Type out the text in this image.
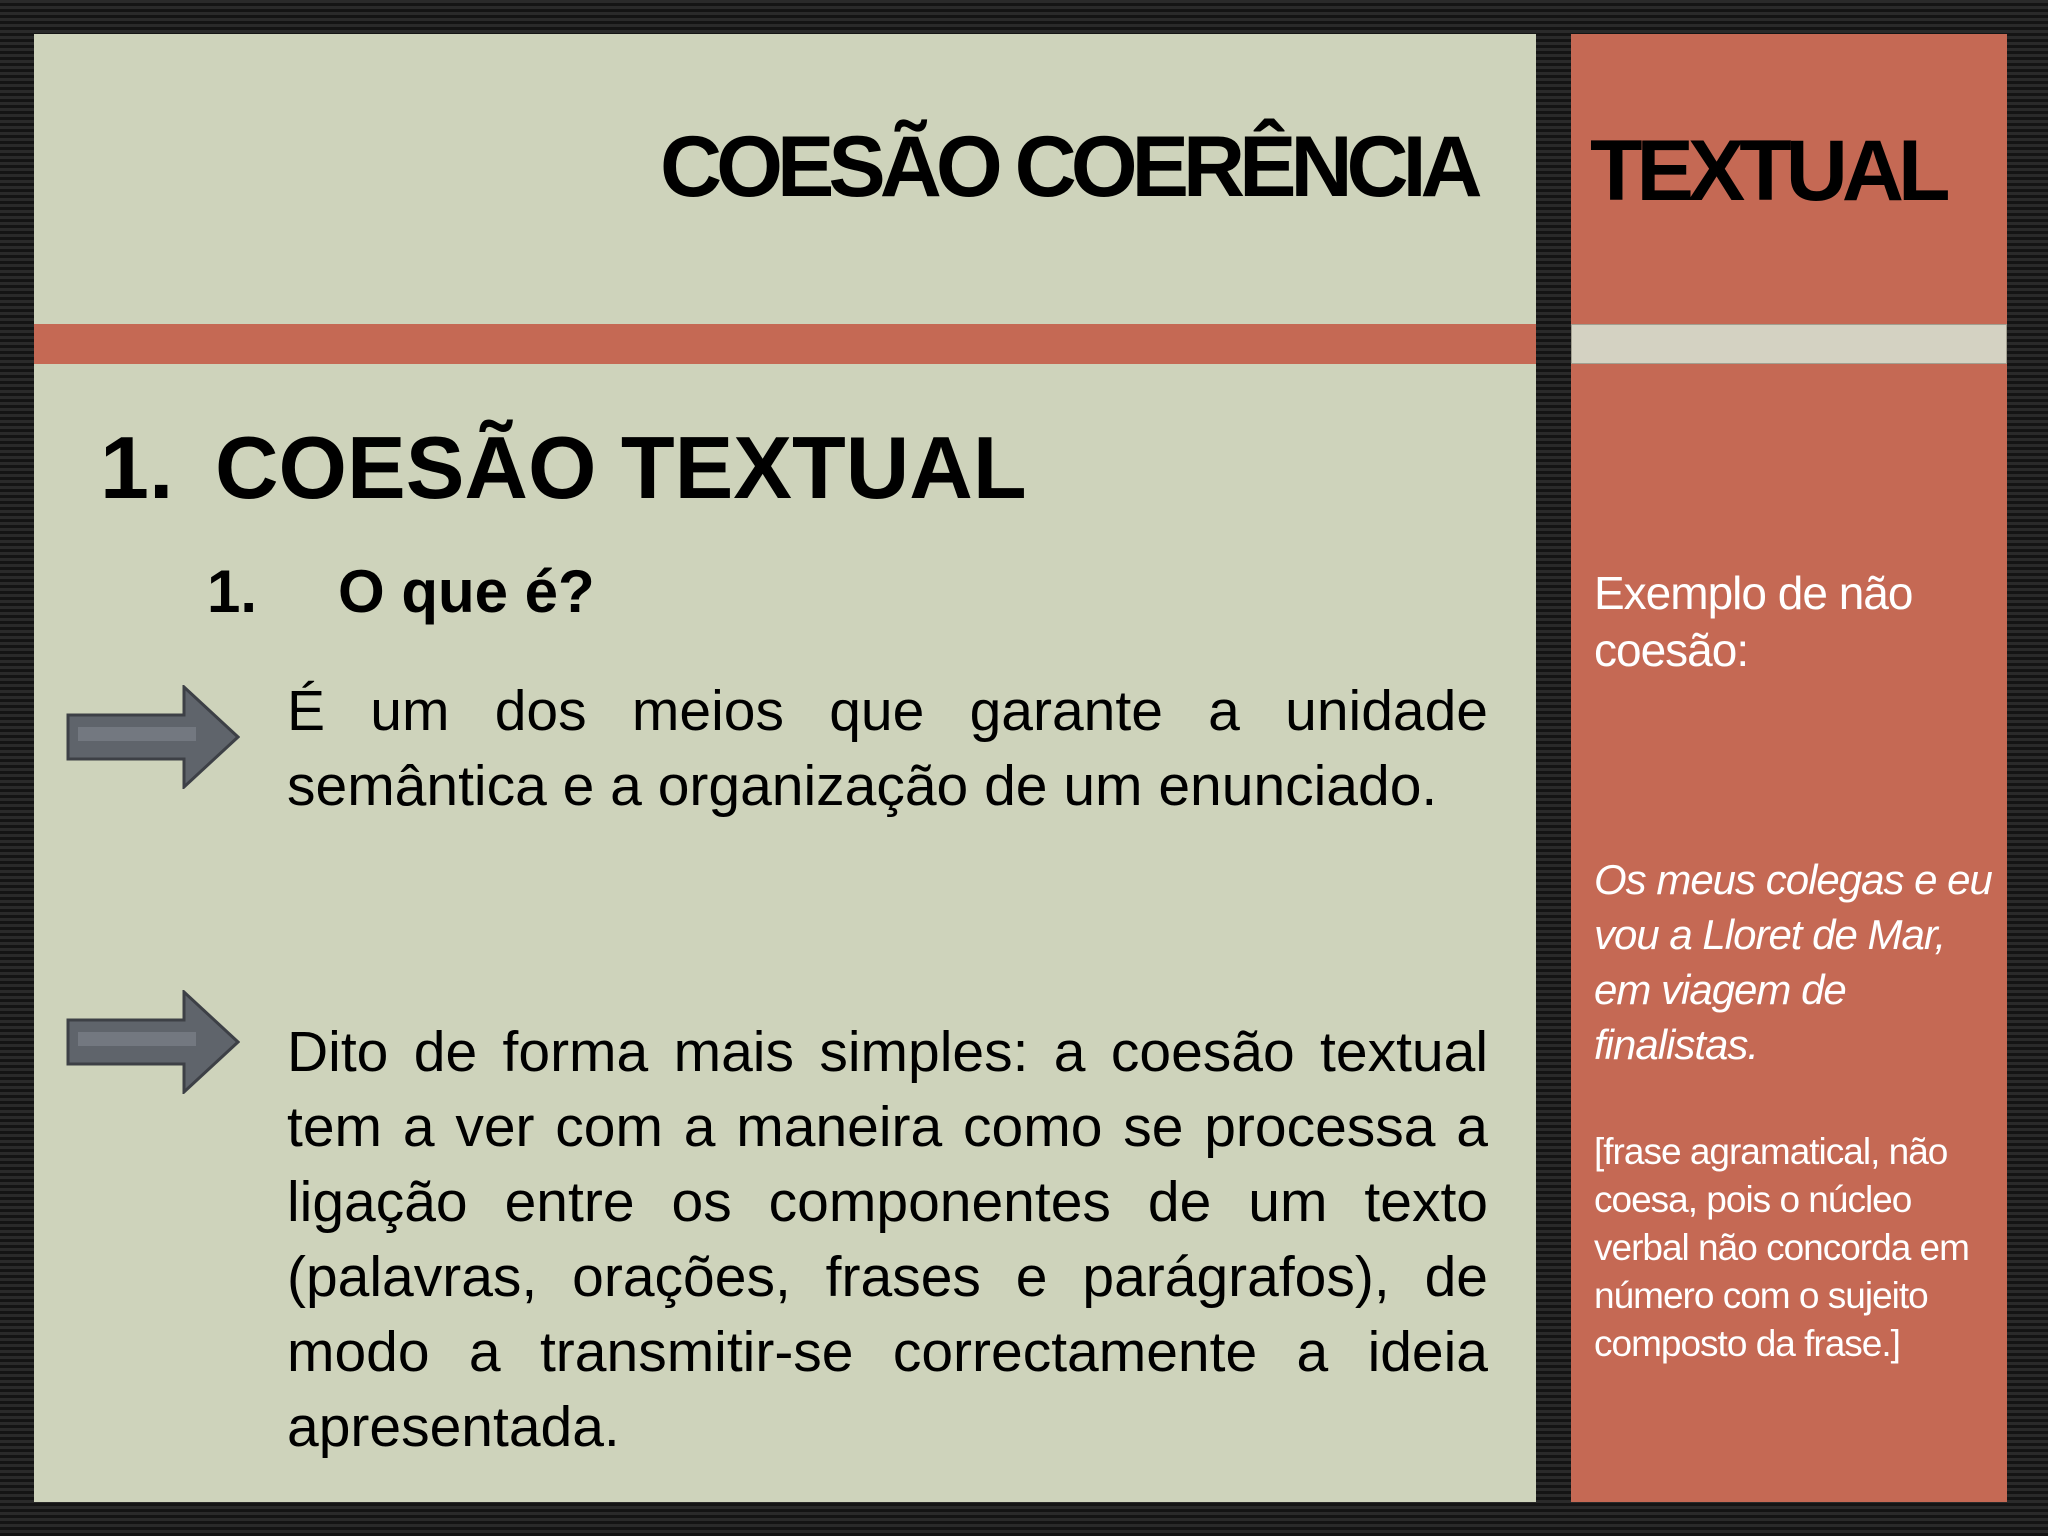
COESÃO COERÊNCIA TEXTUAL
1. COESÃO TEXTUAL
1. O que é?
É um dos meios que garante a unidade semântica e a organização de um enunciado.
Dito de forma mais simples: a coesão textual tem a ver com a maneira como se processa a ligação entre os componentes de um texto (palavras, orações, frases e parágrafos), de modo a transmitir-se correctamente a ideia apresentada.
Exemplo de não coesão:
Os meus colegas e eu vou a Lloret de Mar, em viagem de finalistas.
[frase agramatical, não coesa, pois o núcleo verbal não concorda em número com o sujeito composto da frase.]
